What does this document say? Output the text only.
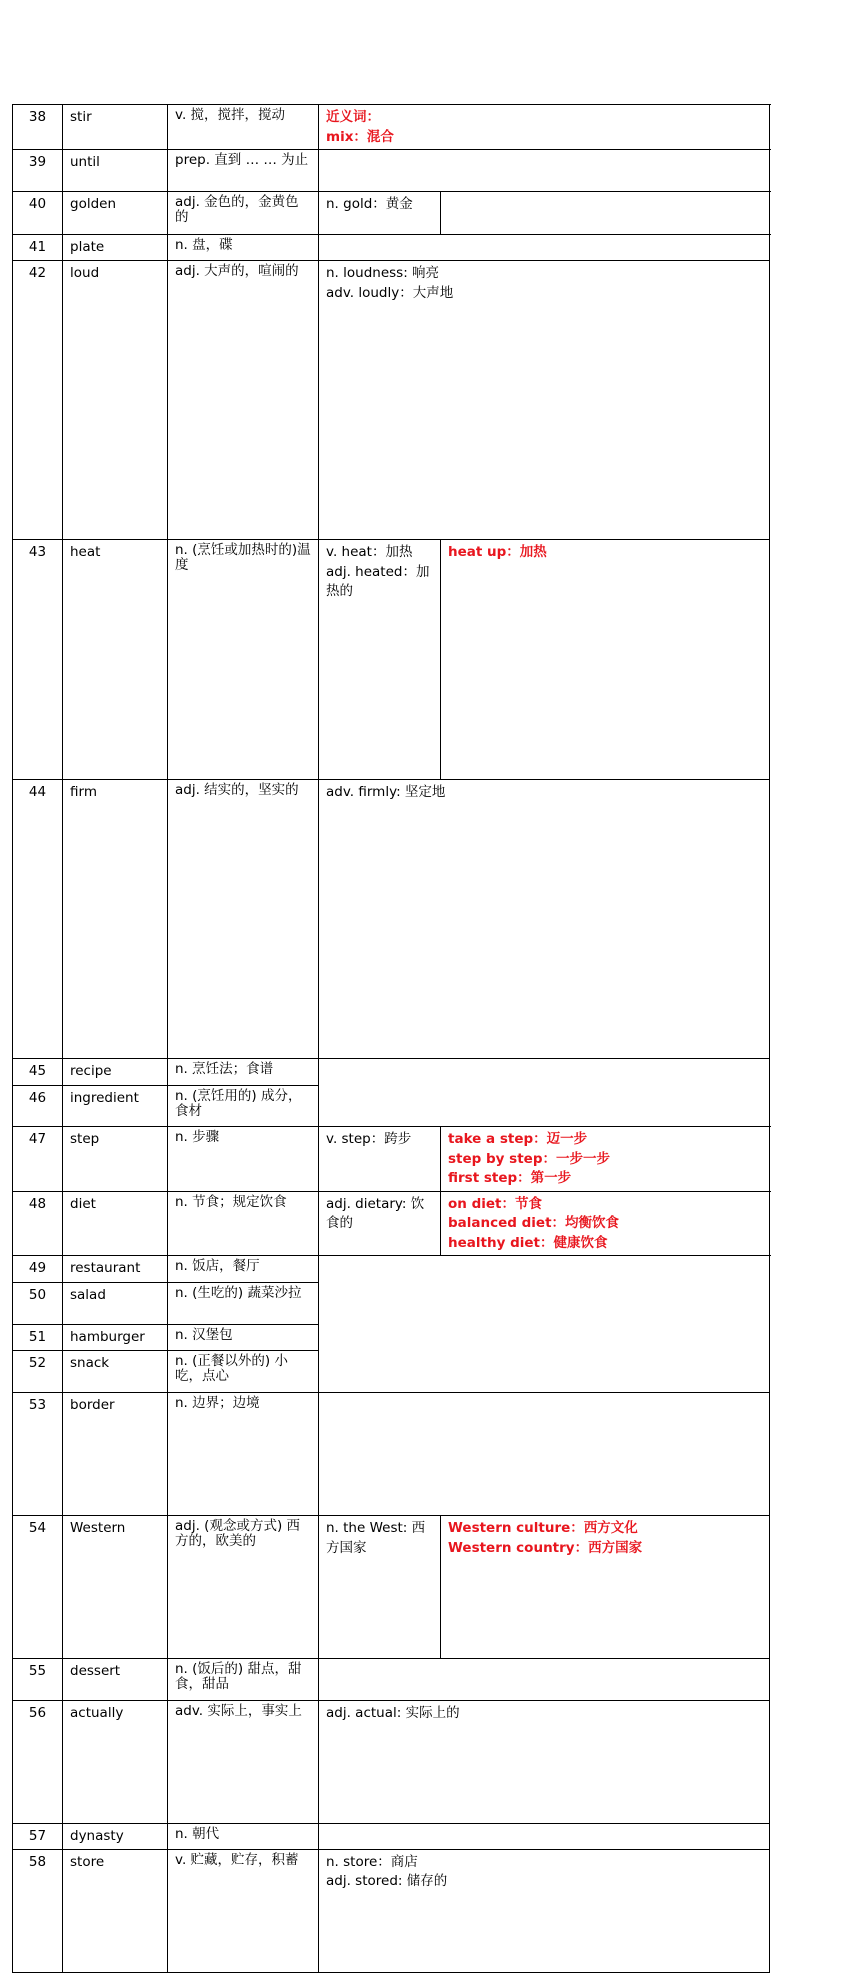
38	stir	v. 搅，搅拌，搅动	近义词：
mix：混合		

39	until	prep. 直到 … … 为止			
40	golden	adj. 金色的，金黄色的	n. gold：黄金		

41	plate	n. 盘，碟			
42	loud	adj. 大声的，喧闹的	n. loudness: 响亮
adv. loudly：大声地

43	heat	n. (烹饪或加热时的)温度	v. heat：加热
adj. heated：加热的	heat up：加热

44	firm	adj. 结实的，坚实的	adv. firmly: 坚定地

45	recipe	n. 烹饪法；食谱			
46	ingredient	n. (烹饪用的) 成分，食材			
47	step	n. 步骤	v. step：跨步	take a step：迈一步
step by step：一步一步
first step：第一步	

48	diet	n. 节食；规定饮食	adj. dietary: 饮食的	on diet：节食
balanced diet：均衡饮食
healthy diet：健康饮食	

49	restaurant	n. 饭店，餐厅			
50	salad	n. (生吃的) 蔬菜沙拉			
51	hamburger	n. 汉堡包			
52	snack	n. (正餐以外的) 小吃，点心			
53	border	n. 边界；边境		

54	Western	adj. (观念或方式) 西方的，欧美的	n. the West: 西方国家	Western culture：西方文化
Western country：西方国家

55	dessert	n. (饭后的) 甜点，甜食，甜品			
56	actually	adv. 实际上，事实上	adj. actual: 实际上的

57	dynasty	n. 朝代			
58	store	v. 贮藏，贮存，积蓄	n. store：商店
adj. stored: 储存的
